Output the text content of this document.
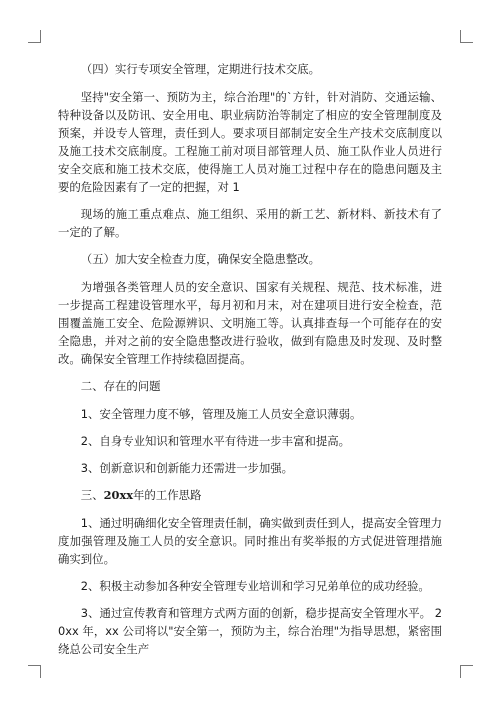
（四）实行专项安全管理，定期进行技术交底。

坚持"安全第一、预防为主，综合治理"的`方针，针对消防、交通运输、特种设备以及防讯、安全用电、职业病防治等制定了相应的安全管理制度及预案，并设专人管理，责任到人。要求项目部制定安全生产技术交底制度以及施工技术交底制度。工程施工前对项目部管理人员、施工队作业人员进行安全交底和施工技术交底，使得施工人员对施工过程中存在的隐患问题及主要的危险因素有了一定的把握，对 1

现场的施工重点难点、施工组织、采用的新工艺、新材料、新技术有了一定的了解。

（五）加大安全检查力度，确保安全隐患整改。

为增强各类管理人员的安全意识、国家有关规程、规范、技术标准，进一步提高工程建设管理水平，每月初和月末，对在建项目进行安全检查，范围覆盖施工安全、危险源辨识、文明施工等。认真排查每一个可能存在的安全隐患，并对之前的安全隐患整改进行验收，做到有隐患及时发现、及时整改。确保安全管理工作持续稳固提高。

二、存在的问题

1、安全管理力度不够，管理及施工人员安全意识薄弱。

2、自身专业知识和管理水平有待进一步丰富和提高。

3、创新意识和创新能力还需进一步加强。

三、20xx年的工作思路

1、通过明确细化安全管理责任制，确实做到责任到人，提高安全管理力度加强管理及施工人员的安全意识。同时推出有奖举报的方式促进管理措施确实到位。

2、积极主动参加各种安全管理专业培训和学习兄弟单位的成功经验。

3、通过宣传教育和管理方式两方面的创新，稳步提高安全管理水平。 20xx 年，xx 公司将以"安全第一，预防为主，综合治理"为指导思想，紧密围绕总公司安全生产
